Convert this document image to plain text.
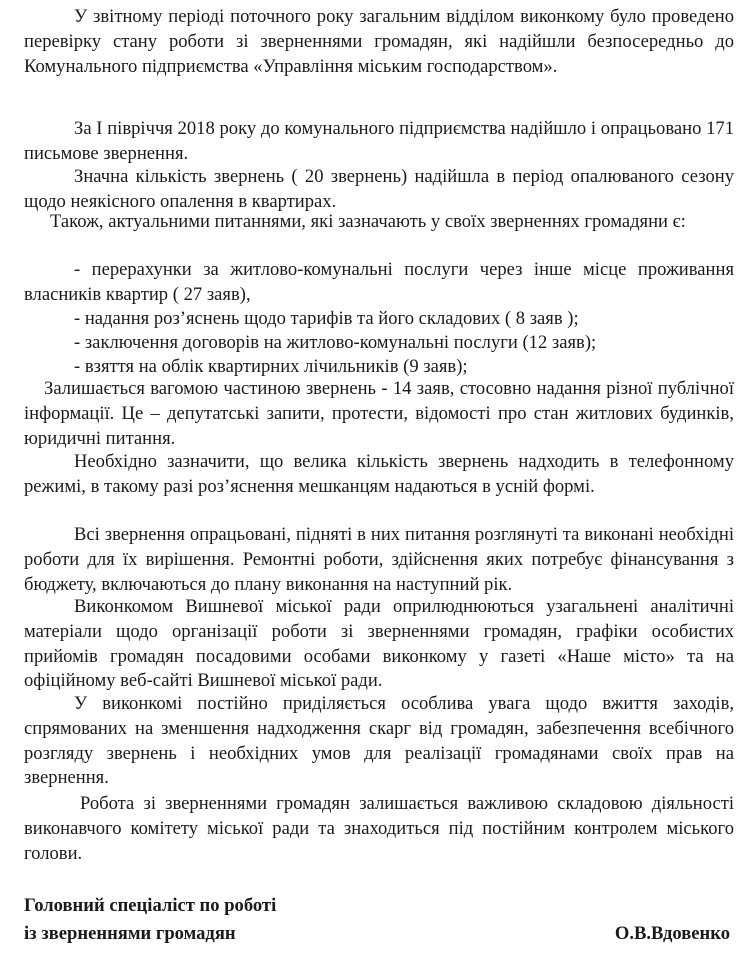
У звітному періоді поточного року загальним відділом виконкому було проведено перевірку стану роботи зі зверненнями громадян, які надійшли безпосередньо до Комунального підприємства «Управління міським господарством».

За І півріччя 2018 року до комунального підприємства надійшло і опрацьовано 171 письмове звернення.

Значна кількість звернень ( 20 звернень) надійшла в період опалюваного сезону щодо неякісного опалення в квартирах.

Також, актуальними питаннями, які зазначають у своїх зверненнях громадяни є:

- перерахунки за житлово-комунальні послуги через інше місце проживання власників квартир ( 27 заяв),

- надання роз’яснень щодо тарифів та його складових ( 8 заяв );

- заключення договорів на житлово-комунальні послуги (12 заяв);

- взяття на облік квартирних лічильників (9 заяв);

Залишається вагомою частиною звернень - 14 заяв, стосовно надання різної публічної інформації. Це – депутатські запити, протести, відомості про стан житлових будинків, юридичні питання.

Необхідно зазначити, що велика кількість звернень надходить в телефонному режимі, в такому разі роз’яснення мешканцям надаються в усній формі.

Всі звернення опрацьовані, підняті в них питання розглянуті та виконані необхідні роботи для їх вирішення. Ремонтні роботи, здійснення яких потребує фінансування з бюджету, включаються до плану виконання на наступний рік.

Виконкомом Вишневої міської ради оприлюднюються узагальнені аналітичні матеріали щодо організації роботи зі зверненнями громадян, графіки особистих прийомів громадян посадовими особами виконкому у газеті «Наше місто» та на офіційному веб-сайті Вишневої міської ради.

У виконкомі постійно приділяється особлива увага щодо вжиття заходів, спрямованих на зменшення надходження скарг від громадян, забезпечення всебічного розгляду звернень і необхідних умов для реалізації громадянами своїх прав на звернення.

Робота зі зверненнями громадян залишається важливою складовою діяльності виконавчого комітету міської ради та знаходиться під постійним контролем міського голови.

Головний спеціаліст по роботі
із зверненнями громадян	О.В.Вдовенко
